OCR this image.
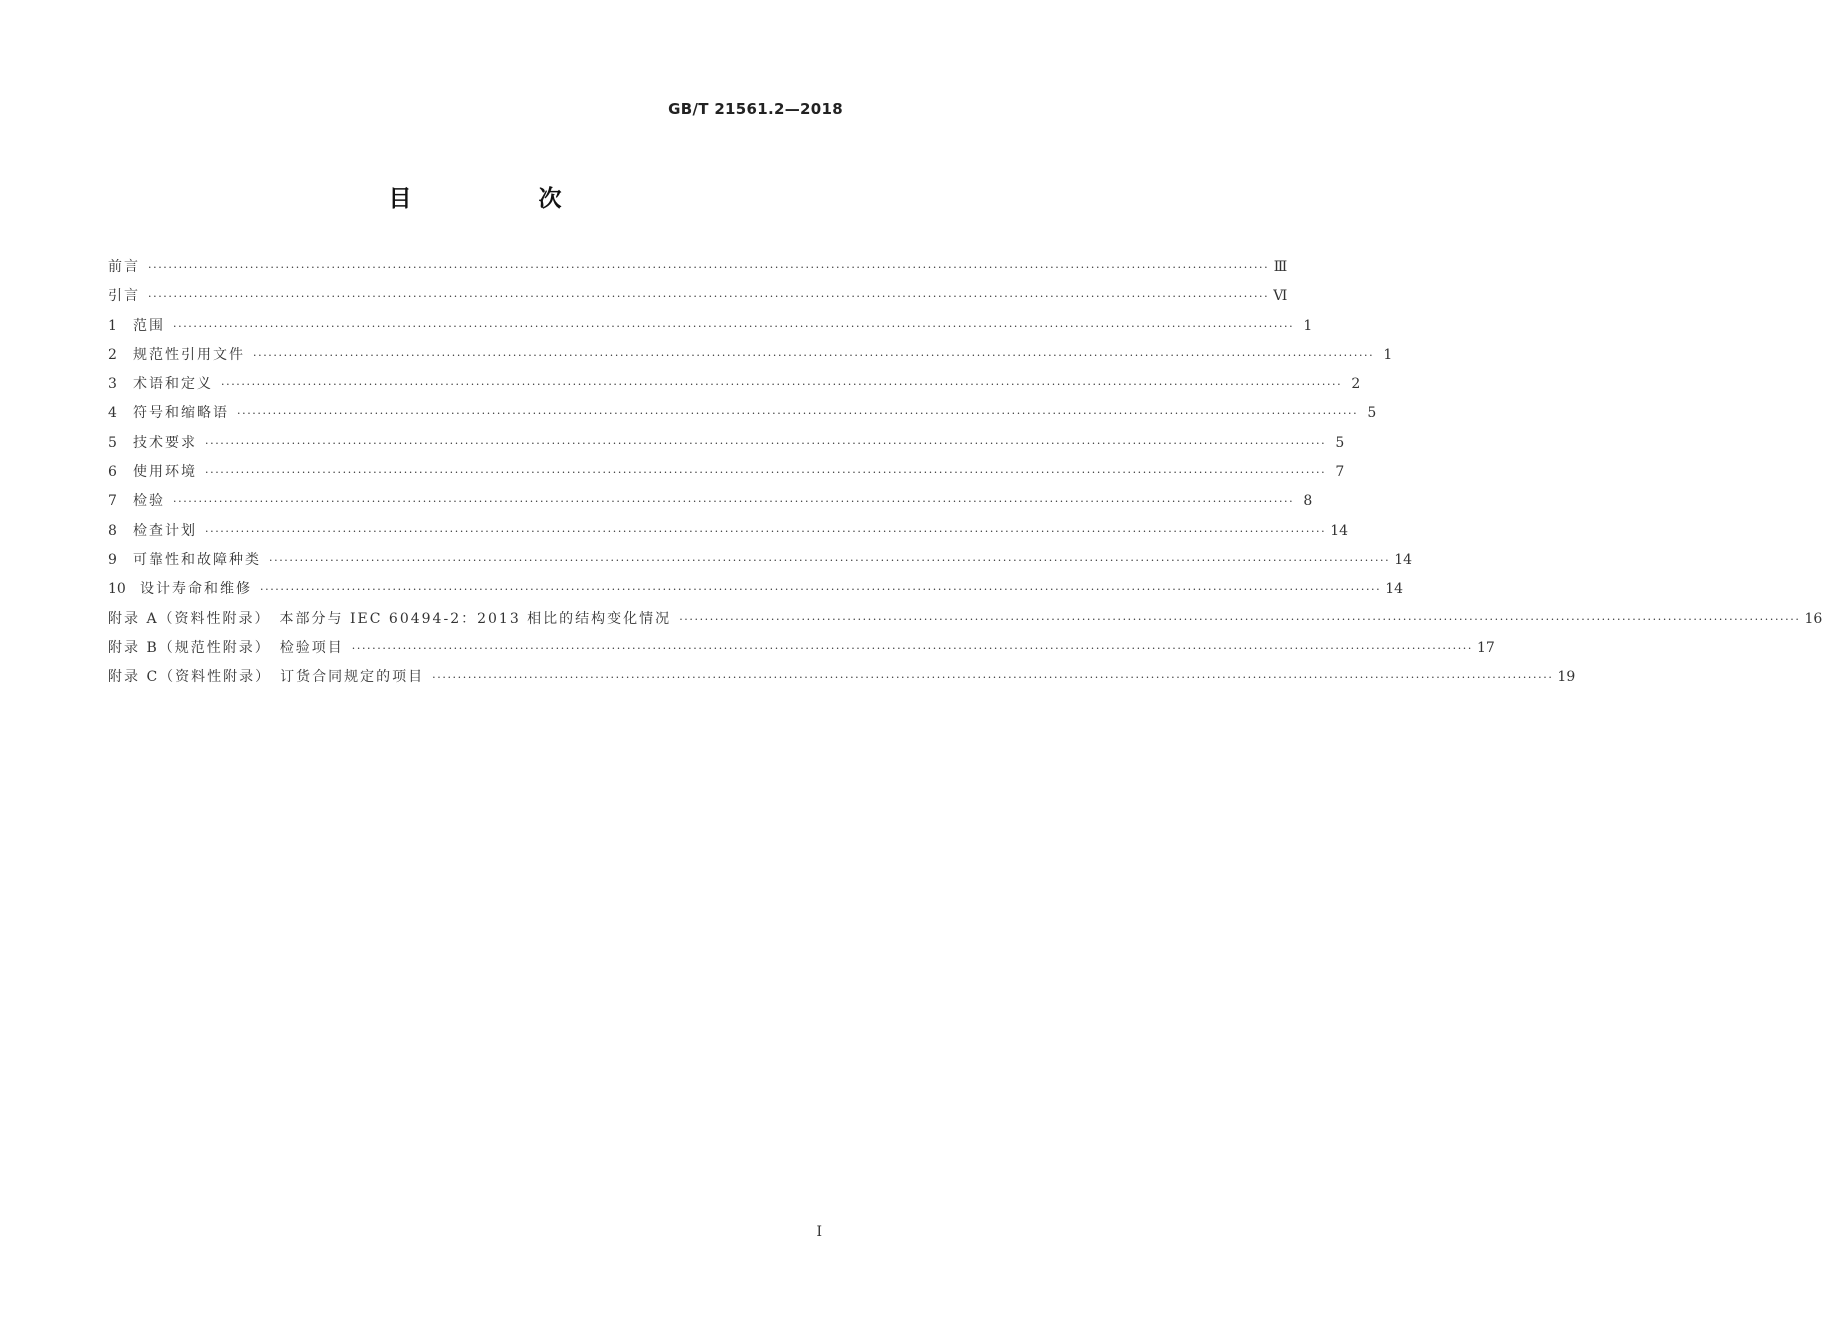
GB/T 21561.2—2018
目　次
前言 ···························································································································································································································· Ⅲ
引言 ···························································································································································································································· Ⅵ
1	范围 ···························································································································································································································· 1
2	规范性引用文件 ···························································································································································································································· 1
3	术语和定义 ···························································································································································································································· 2
4	符号和缩略语 ···························································································································································································································· 5
5	技术要求 ···························································································································································································································· 5
6	使用环境 ···························································································································································································································· 7
7	检验 ···························································································································································································································· 8
8	检查计划 ···························································································································································································································· 14
9	可靠性和故障种类 ···························································································································································································································· 14
10	设计寿命和维修 ···························································································································································································································· 14
附录 A（资料性附录）　本部分与 IEC 60494-2：2013 相比的结构变化情况 ···························································································································································································································· 16
附录 B（规范性附录）　检验项目 ···························································································································································································································· 17
附录 C（资料性附录）　订货合同规定的项目 ···························································································································································································································· 19
Ⅰ
